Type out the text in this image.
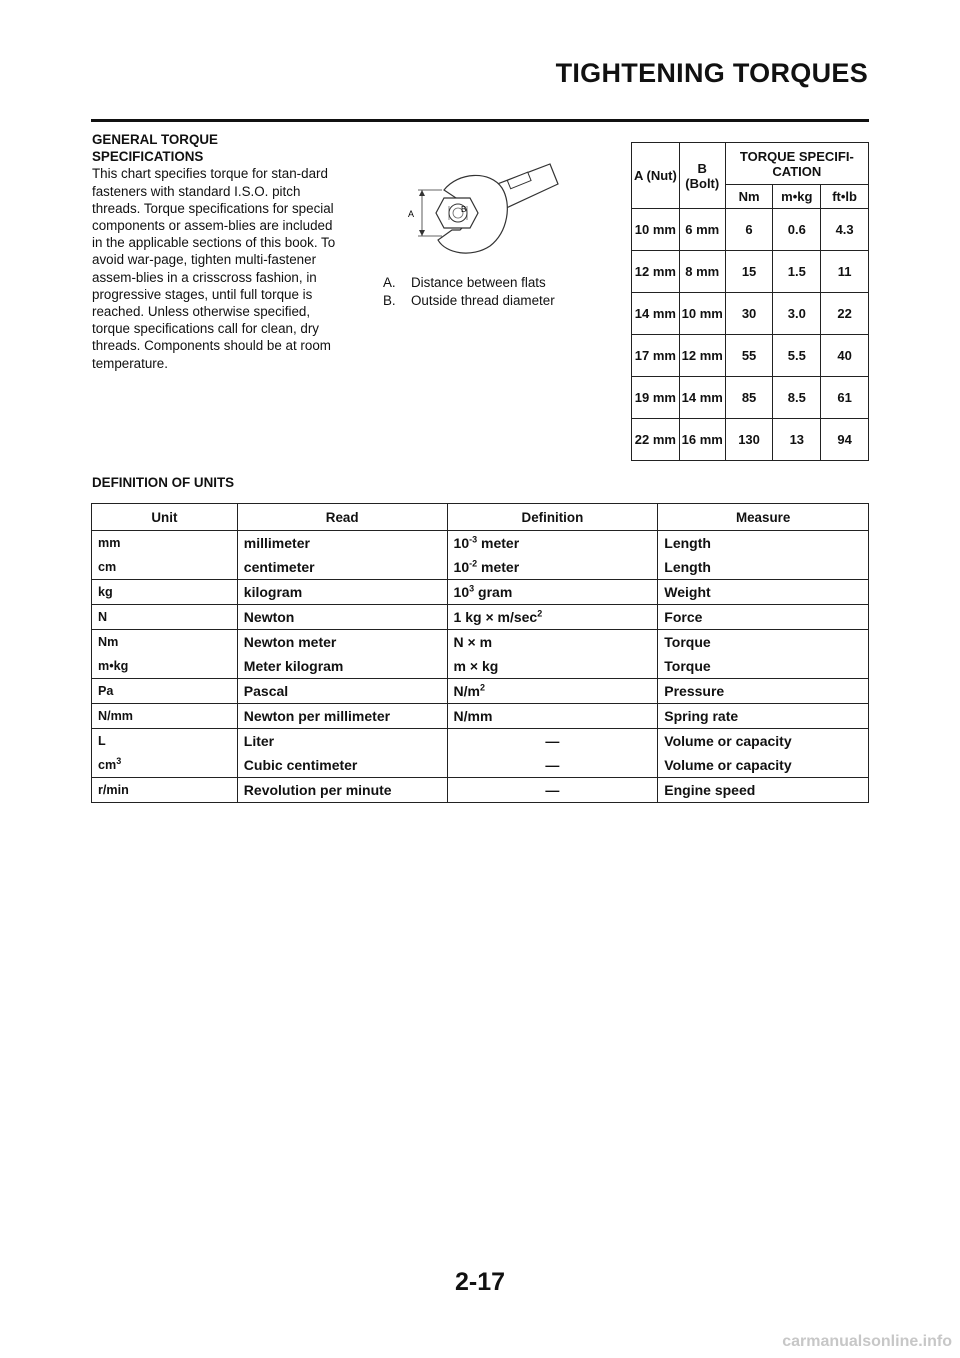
TIGHTENING TORQUES
GENERAL TORQUE SPECIFICATIONS

This chart specifies torque for stan-dard fasteners with standard I.S.O. pitch threads. Torque specifications for special components or assem-blies are included in the applicable sections of this book. To avoid war-page, tighten multi-fastener assem-blies in a crisscross fashion, in progressive stages, until full torque is reached. Unless otherwise specified, torque specifications call for clean, dry threads. Components should be at room temperature.

A	B
A.	Distance between flats
B.	Outside thread diameter
A (Nut)	B (Bolt)	TORQUE SPECIFI-CATION		
		Nm	m•kg	ft•lb
10 mm	6 mm	6	0.6	4.3
12 mm	8 mm	15	1.5	11
14 mm	10 mm	30	3.0	22
17 mm	12 mm	55	5.5	40
19 mm	14 mm	85	8.5	61
22 mm	16 mm	130	13	94
DEFINITION OF UNITS
Unit	Read	Definition	Measure
mm	millimeter	$10^{-3}$ meter	Length
cm	centimeter	$10^{-2}$ meter	Length
kg	kilogram	$10^3$ gram	Weight
N	Newton	1 kg × $m/\sec^2$	Force
Nm	Newton meter	N × m	Torque
m•kg	Meter kilogram	m × kg	Torque
Pa	Pascal	$N/m^2$	Pressure
N/mm	Newton per millimeter	N/mm	Spring rate
L	Liter	—	Volume or capacity
$cm^3$	Cubic centimeter	—	Volume or capacity
r/min	Revolution per minute	—	Engine speed
2-17
carmanualsonline.info
